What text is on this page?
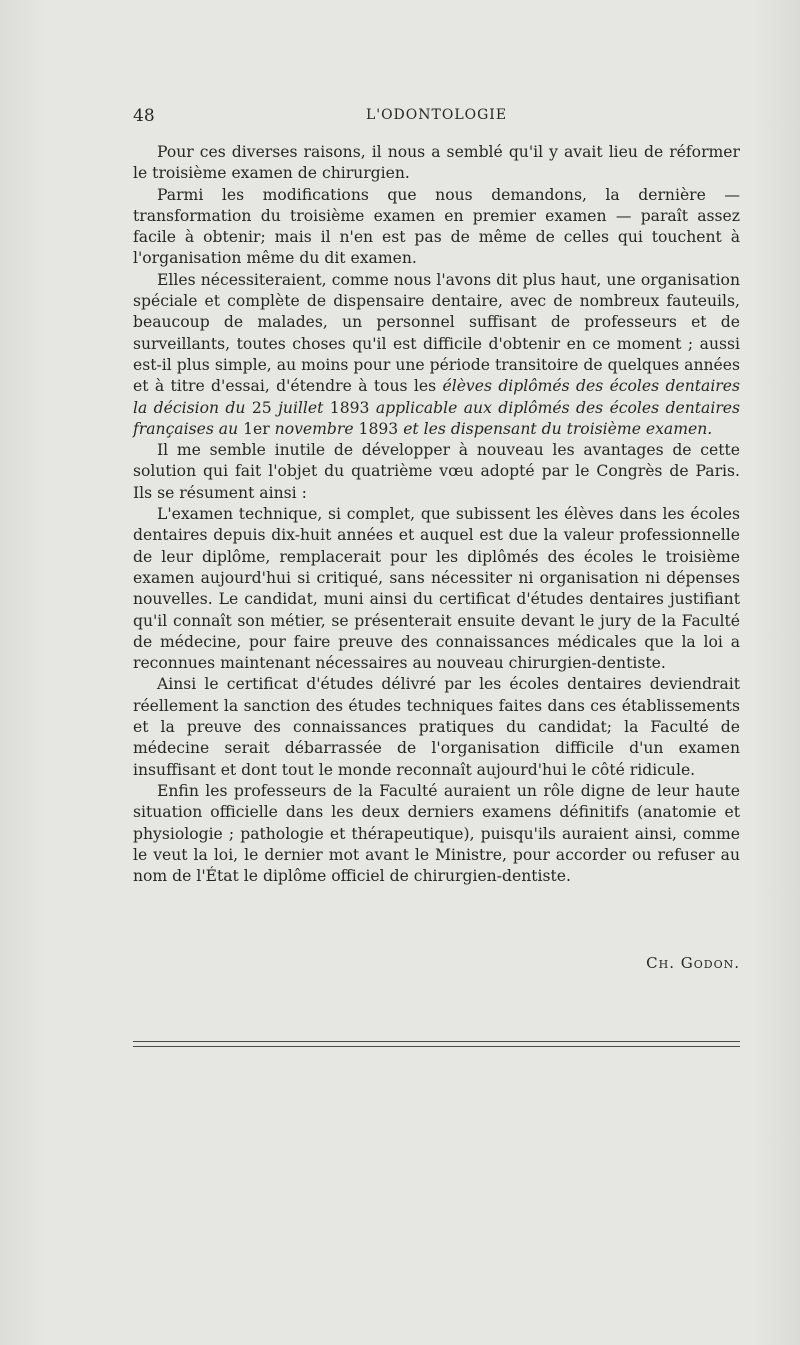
48	L'ODONTOLOGIE

Pour ces diverses raisons, il nous a semblé qu'il y avait lieu de réformer le troisième examen de chirurgien.

Parmi les modifications que nous demandons, la dernière — transformation du troisième examen en premier examen — paraît assez facile à obtenir; mais il n'en est pas de même de celles qui touchent à l'organisation même du dit examen.

Elles nécessiteraient, comme nous l'avons dit plus haut, une organisation spéciale et complète de dispensaire dentaire, avec de nombreux fauteuils, beaucoup de malades, un personnel suffisant de professeurs et de surveillants, toutes choses qu'il est difficile d'obtenir en ce moment ; aussi est-il plus simple, au moins pour une période transitoire de quelques années et à titre d'essai, d'étendre à tous les élèves diplômés des écoles dentaires la décision du 25 juillet 1893 applicable aux diplômés des écoles dentaires françaises au 1er novembre 1893 et les dispensant du troisième examen.

Il me semble inutile de développer à nouveau les avantages de cette solution qui fait l'objet du quatrième vœu adopté par le Congrès de Paris. Ils se résument ainsi :

L'examen technique, si complet, que subissent les élèves dans les écoles dentaires depuis dix-huit années et auquel est due la valeur professionnelle de leur diplôme, remplacerait pour les diplômés des écoles le troisième examen aujourd'hui si critiqué, sans nécessiter ni organisation ni dépenses nouvelles. Le candidat, muni ainsi du certificat d'études dentaires justifiant qu'il connaît son métier, se présenterait ensuite devant le jury de la Faculté de médecine, pour faire preuve des connaissances médicales que la loi a reconnues maintenant nécessaires au nouveau chirurgien-dentiste.

Ainsi le certificat d'études délivré par les écoles dentaires deviendrait réellement la sanction des études techniques faites dans ces établissements et la preuve des connaissances pratiques du candidat; la Faculté de médecine serait débarrassée de l'organisation difficile d'un examen insuffisant et dont tout le monde reconnaît aujourd'hui le côté ridicule.

Enfin les professeurs de la Faculté auraient un rôle digne de leur haute situation officielle dans les deux derniers examens définitifs (anatomie et physiologie ; pathologie et thérapeutique), puisqu'ils auraient ainsi, comme le veut la loi, le dernier mot avant le Ministre, pour accorder ou refuser au nom de l'État le diplôme officiel de chirurgien-dentiste.

Ch. Godon.
